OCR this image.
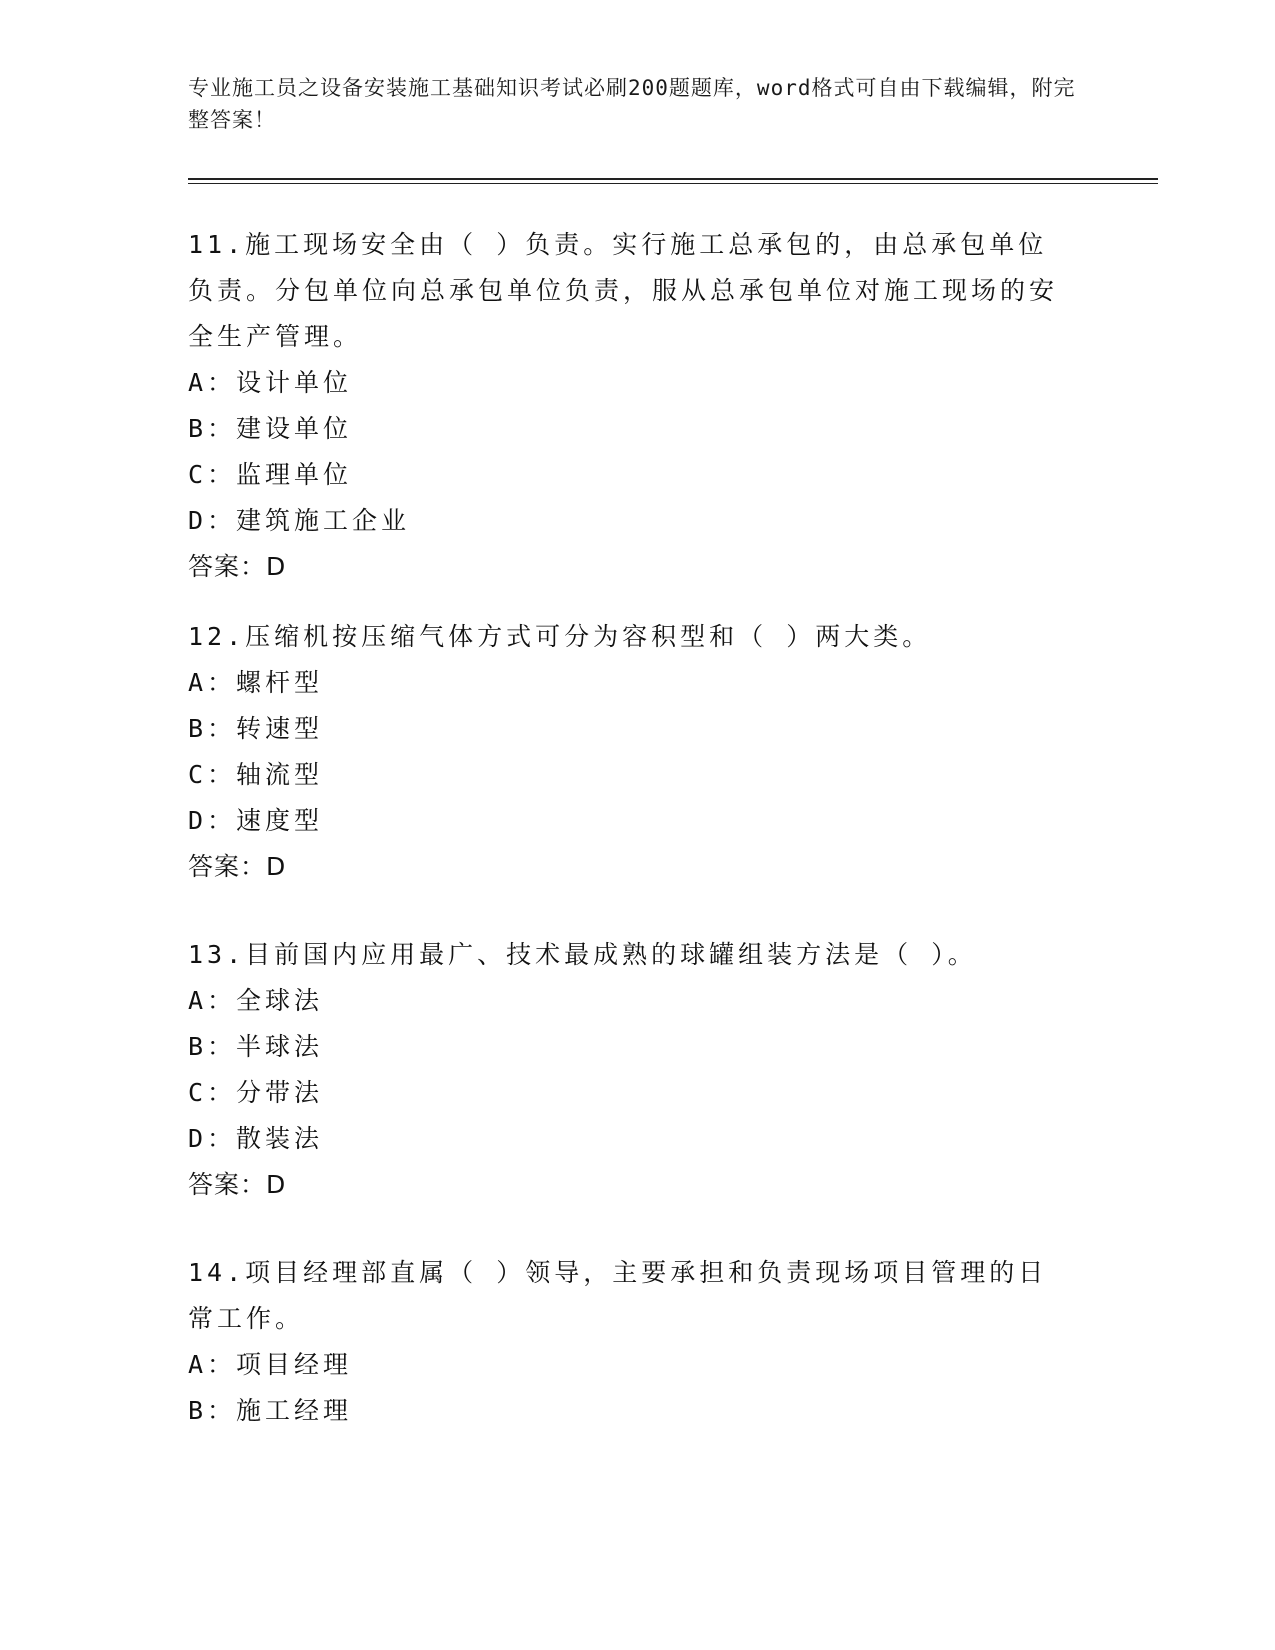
专业施工员之设备安装施工基础知识考试必刷200题题库，word格式可自由下载编辑，附完整答案！

11.施工现场安全由（ ）负责。实行施工总承包的，由总承包单位负责。分包单位向总承包单位负责，服从总承包单位对施工现场的安全生产管理。

A：设计单位

B：建设单位

C：监理单位

D：建筑施工企业

答案：D

12.压缩机按压缩气体方式可分为容积型和（ ）两大类。

A：螺杆型

B：转速型

C：轴流型

D：速度型

答案：D

13.目前国内应用最广、技术最成熟的球罐组装方法是（ ）。

A：全球法

B：半球法

C：分带法

D：散装法

答案：D

14.项目经理部直属（ ）领导，主要承担和负责现场项目管理的日常工作。

A：项目经理

B：施工经理
